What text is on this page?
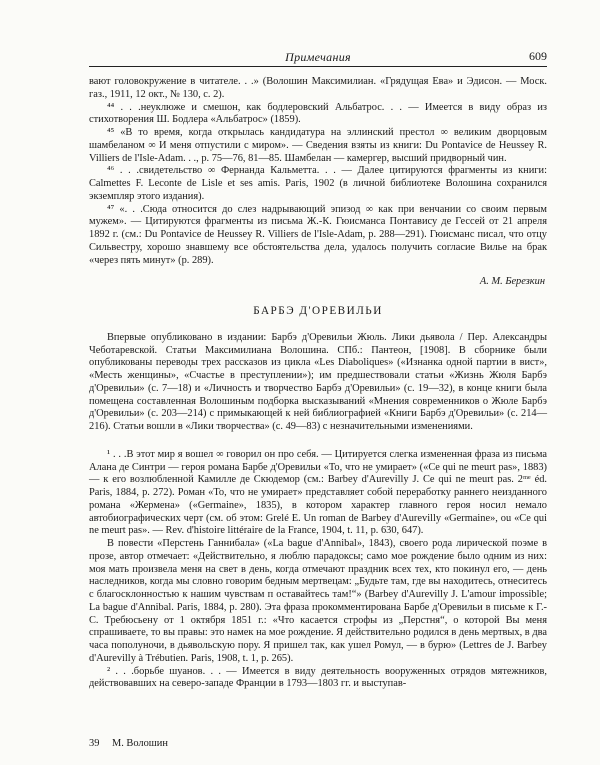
Примечания	609

вают головокружение в читателе. . .» (Волошин Максимилиан. «Грядущая Ева» и Эдисон. — Моск. газ., 1911, 12 окт., № 130, с. 2).

⁴⁴ . . .неуклюже и смешон, как бодлеровский Альбатрос. . . — Имеется в виду образ из стихотворения Ш. Бодлера «Альбатрос» (1859).

⁴⁵ «В то время, когда открылась кандидатура на эллинский престол ∞ великим дворцовым шамбеланом ∞ И меня отпустили с миром». — Сведения взяты из книги: Du Pontavice de Heussey R. Villiers de l'Isle-Adam. . ., p. 75—76, 81—85. Шамбелан — камергер, высший придворный чин.

⁴⁶ . . .свидетельство ∞ Фернанда Кальметта. . . — Далее цитируются фрагменты из книги: Calmettes F. Leconte de Lisle et ses amis. Paris, 1902 (в личной библиотеке Волошина сохранился экземпляр этого издания).

⁴⁷ «. . .Сюда относится до слез надрывающий эпизод ∞ как при венчании со своим первым мужем». — Цитируются фрагменты из письма Ж.-К. Гюисманса Понтавису де Гессей от 21 апреля 1892 г. (см.: Du Pontavice de Heussey R. Villiers de l'Isle-Adam, p. 288—291). Гюисманс писал, что отцу Сильвестру, хорошо знавшему все обстоятельства дела, удалось получить согласие Вилье на брак «через пять минут» (p. 289).

А. М. Березкин

БАРБЭ Д'ОРЕВИЛЬИ

Впервые опубликовано в издании: Барбэ д'Оревильи Жюль. Лики дьявола / Пер. Александры Чеботаревской. Статьи Максимилиана Волошина. СПб.: Пантеон, [1908]. В сборнике были опубликованы переводы трех рассказов из цикла «Les Diaboliques» («Изнанка одной партии в вист», «Месть женщины», «Счастье в преступлении»); им предшествовали статьи «Жизнь Жюля Барбэ д'Оревильи» (с. 7—18) и «Личность и творчество Барбэ д'Оревильи» (с. 19—32), в конце книги была помещена составленная Волошиным подборка высказываний «Мнения современников о Жюле Барбэ д'Оревильи» (с. 203—214) с примыкающей к ней библиографией «Книги Барбэ д'Оревильи» (с. 214—216). Статьи вошли в «Лики творчества» (с. 49—83) с незначительными изменениями.

¹ . . .В этот мир я вошел ∞ говорил он про себя. — Цитируется слегка измененная фраза из письма Алана де Синтри — героя романа Барбе д'Оревильи «То, что не умирает» («Ce qui ne meurt pas», 1883) — к его возлюбленной Камилле де Скюдемор (см.: Barbey d'Aurevilly J. Ce qui ne meurt pas. 2ᵐᵉ éd. Paris, 1884, p. 272). Роман «То, что не умирает» представляет собой переработку раннего неизданного романа «Жермена» («Germaine», 1835), в котором характер главного героя носил немало автобиографических черт (см. об этом: Grelé E. Un roman de Barbey d'Aurevilly «Germaine», ou «Ce qui ne meurt pas». — Rev. d'histoire littéraire de la France, 1904, t. 11, p. 630, 647).

В повести «Перстень Ганнибала» («La bague d'Annibal», 1843), своего рода лирической поэме в прозе, автор отмечает: «Действительно, я люблю парадоксы; само мое рождение было одним из них: моя мать произвела меня на свет в день, когда отмечают праздник всех тех, кто покинул его, — день наследников, когда мы словно говорим бедным мертвецам: „Будьте там, где вы находитесь, отнеситесь с благосклонностью к нашим чувствам п оставайтесь там!“» (Barbey d'Aurevilly J. L'amour impossible; La bague d'Annibal. Paris, 1884, p. 280). Эта фраза прокомментирована Барбе д'Оревильи в письме к Г.-С. Требюсьену от 1 октября 1851 г.: «Что касается строфы из „Перстня“, о которой Вы меня спрашиваете, то вы правы: это намек на мое рождение. Я действительно родился в день мертвых, в два часа пополуночи, в дьявольскую пору. Я пришел так, как ушел Ромул, — в бурю» (Lettres de J. Barbey d'Aurevilly à Trébutien. Paris, 1908, t. 1, p. 265).

² . . .борьбе шуанов. . . — Имеется в виду деятельность вооруженных отрядов мятежников, действовавших на северо-западе Франции в 1793—1803 гг. и выступав-

39 М. Волошин
